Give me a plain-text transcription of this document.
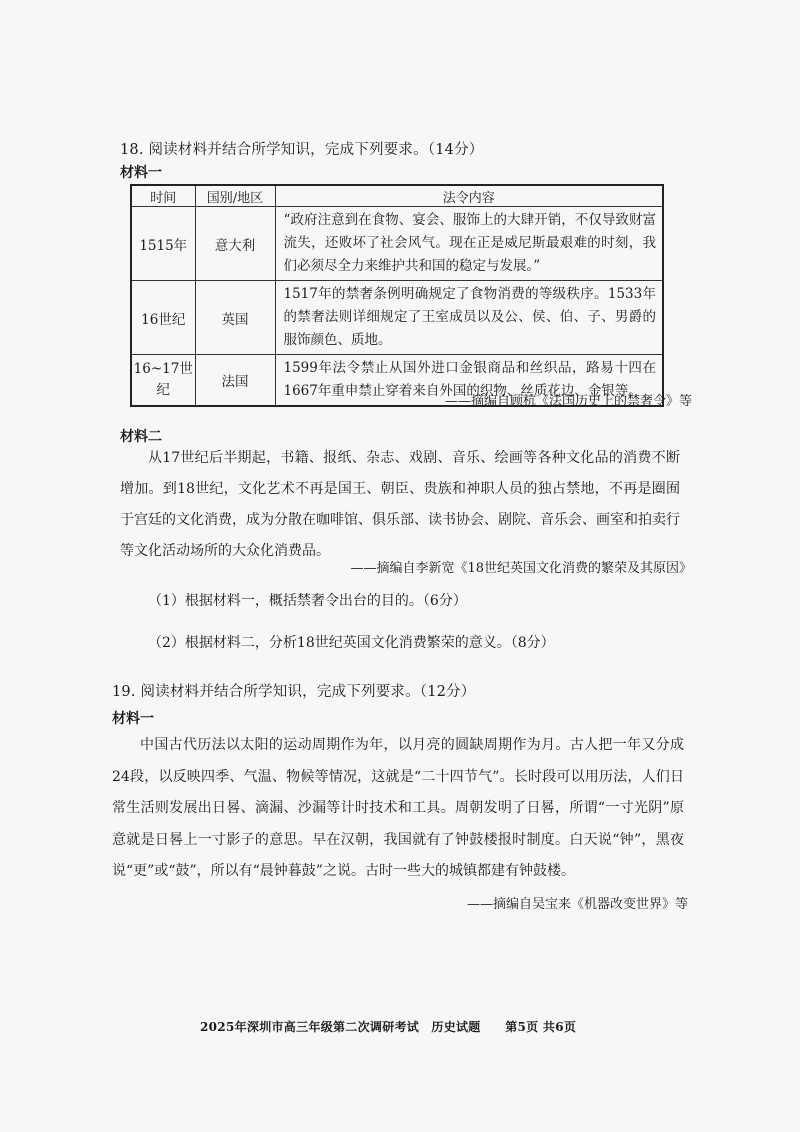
18. 阅读材料并结合所学知识，完成下列要求。（14分）
材料一
时间	国别/地区	法令内容
1515年	意大利	“政府注意到在食物、宴会、服饰上的大肆开销，不仅导致财富流失，还败坏了社会风气。现在正是威尼斯最艰难的时刻，我们必须尽全力来维护共和国的稳定与发展。”
16世纪	英国	1517年的禁奢条例明确规定了食物消费的等级秩序。1533年的禁奢法则详细规定了王室成员以及公、侯、伯、子、男爵的服饰颜色、质地。
16~17世纪	法国	1599年法令禁止从国外进口金银商品和丝织品，路易十四在1667年重申禁止穿着来自外国的织物、丝质花边、金银等。
——摘编自顾杭《法国历史上的禁奢令》等
材料二
从17世纪后半期起，书籍、报纸、杂志、戏剧、音乐、绘画等各种文化品的消费不断增加。到18世纪，文化艺术不再是国王、朝臣、贵族和神职人员的独占禁地，不再是圈囿于宫廷的文化消费，成为分散在咖啡馆、俱乐部、读书协会、剧院、音乐会、画室和拍卖行等文化活动场所的大众化消费品。
——摘编自李新宽《18世纪英国文化消费的繁荣及其原因》
（1）根据材料一，概括禁奢令出台的目的。（6分）
（2）根据材料二，分析18世纪英国文化消费繁荣的意义。（8分）
19. 阅读材料并结合所学知识，完成下列要求。（12分）
材料一
中国古代历法以太阳的运动周期作为年，以月亮的圆缺周期作为月。古人把一年又分成24段，以反映四季、气温、物候等情况，这就是“二十四节气”。长时段可以用历法，人们日常生活则发展出日晷、滴漏、沙漏等计时技术和工具。周朝发明了日晷，所谓“一寸光阴”原意就是日晷上一寸影子的意思。早在汉朝，我国就有了钟鼓楼报时制度。白天说“钟”，黑夜说“更”或“鼓”，所以有“晨钟暮鼓”之说。古时一些大的城镇都建有钟鼓楼。
——摘编自吴宝来《机器改变世界》等
2025年深圳市高三年级第二次调研考试　历史试题　　第5页 共6页
